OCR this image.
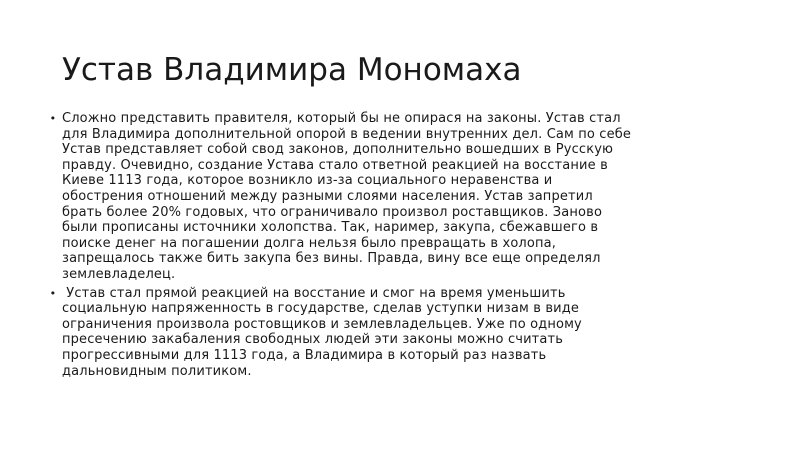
Устав Владимира Мономаха
• Сложно представить правителя, который бы не опирася на законы. Устав стал
для Владимира дополнительной опорой в ведении внутренних дел. Сам по себе
Устав представляет собой свод законов, дополнительно вошедших в Русскую
правду. Очевидно, создание Устава стало ответной реакцией на восстание в
Киеве 1113 года, которое возникло из-за социального неравенства и
обострения отношений между разными слоями населения. Устав запретил
брать более 20% годовых, что ограничивало произвол роставщиков. Заново
были прописаны источники холопства. Так, наример, закупа, сбежавшего в
поиске денег на погашении долга нельзя было превращать в холопа,
запрещалось также бить закупа без вины. Правда, вину все еще определял
землевладелец.
• Устав стал прямой реакцией на восстание и смог на время уменьшить
социальную напряженность в государстве, сделав уступки низам в виде
ограничения произвола ростовщиков и землевладельцев. Уже по одному
пресечению закабаления свободных людей эти законы можно считать
прогрессивными для 1113 года, а Владимира в который раз назвать
дальновидным политиком.
